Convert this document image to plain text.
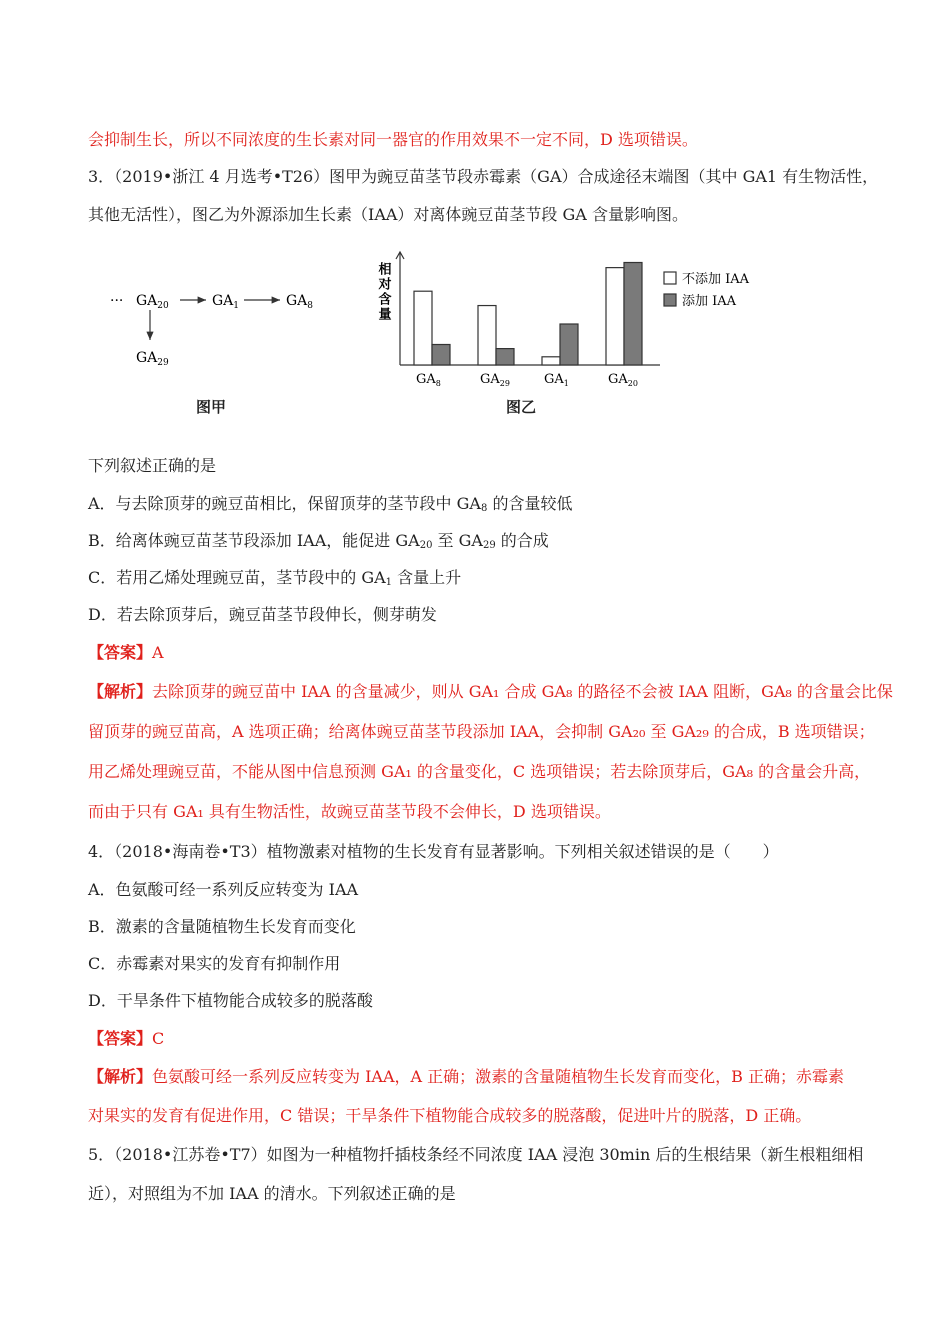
会抑制生长，所以不同浓度的生长素对同一器官的作用效果不一定不同，D 选项错误。
3．（2019•浙江 4 月选考•T26）图甲为豌豆苗茎节段赤霉素（GA）合成途径末端图（其中 GA1 有生物活性，
其他无活性），图乙为外源添加生长素（IAA）对离体豌豆苗茎节段 GA 含量影响图。
··· $GA_{20}$	$GA_1$	$GA_8$
$GA_{29}$
图甲
相对含量
$GA_8$	$GA_{29}$	$GA_1$	$GA_{20}$
不添加 IAA
添加 IAA
图乙
下列叙述正确的是
A．与去除顶芽的豌豆苗相比，保留顶芽的茎节段中 $GA_8$ 的含量较低
B．给离体豌豆苗茎节段添加 IAA，能促进 $GA_{20}$ 至 $GA_{29}$ 的合成
C．若用乙烯处理豌豆苗，茎节段中的 $GA_1$ 含量上升
D．若去除顶芽后，豌豆苗茎节段伸长，侧芽萌发
【答案】A
【解析】去除顶芽的豌豆苗中 IAA 的含量减少，则从 GA₁ 合成 GA₈ 的路径不会被 IAA 阻断，GA₈ 的含量会比保
留顶芽的豌豆苗高，A 选项正确；给离体豌豆苗茎节段添加 IAA，会抑制 GA₂₀ 至 GA₂₉ 的合成，B 选项错误；
用乙烯处理豌豆苗，不能从图中信息预测 GA₁ 的含量变化，C 选项错误；若去除顶芽后，GA₈ 的含量会升高，
而由于只有 GA₁ 具有生物活性，故豌豆苗茎节段不会伸长，D 选项错误。
4．（2018•海南卷•T3）植物激素对植物的生长发育有显著影响。下列相关叙述错误的是（　　）
A．色氨酸可经一系列反应转变为 IAA
B．激素的含量随植物生长发育而变化
C．赤霉素对果实的发育有抑制作用
D．干旱条件下植物能合成较多的脱落酸
【答案】C
【解析】色氨酸可经一系列反应转变为 IAA，A 正确；激素的含量随植物生长发育而变化，B 正确；赤霉素
对果实的发育有促进作用，C 错误；干旱条件下植物能合成较多的脱落酸，促进叶片的脱落，D 正确。
5．（2018•江苏卷•T7）如图为一种植物扦插枝条经不同浓度 IAA 浸泡 30min 后的生根结果（新生根粗细相
近），对照组为不加 IAA 的清水。下列叙述正确的是
